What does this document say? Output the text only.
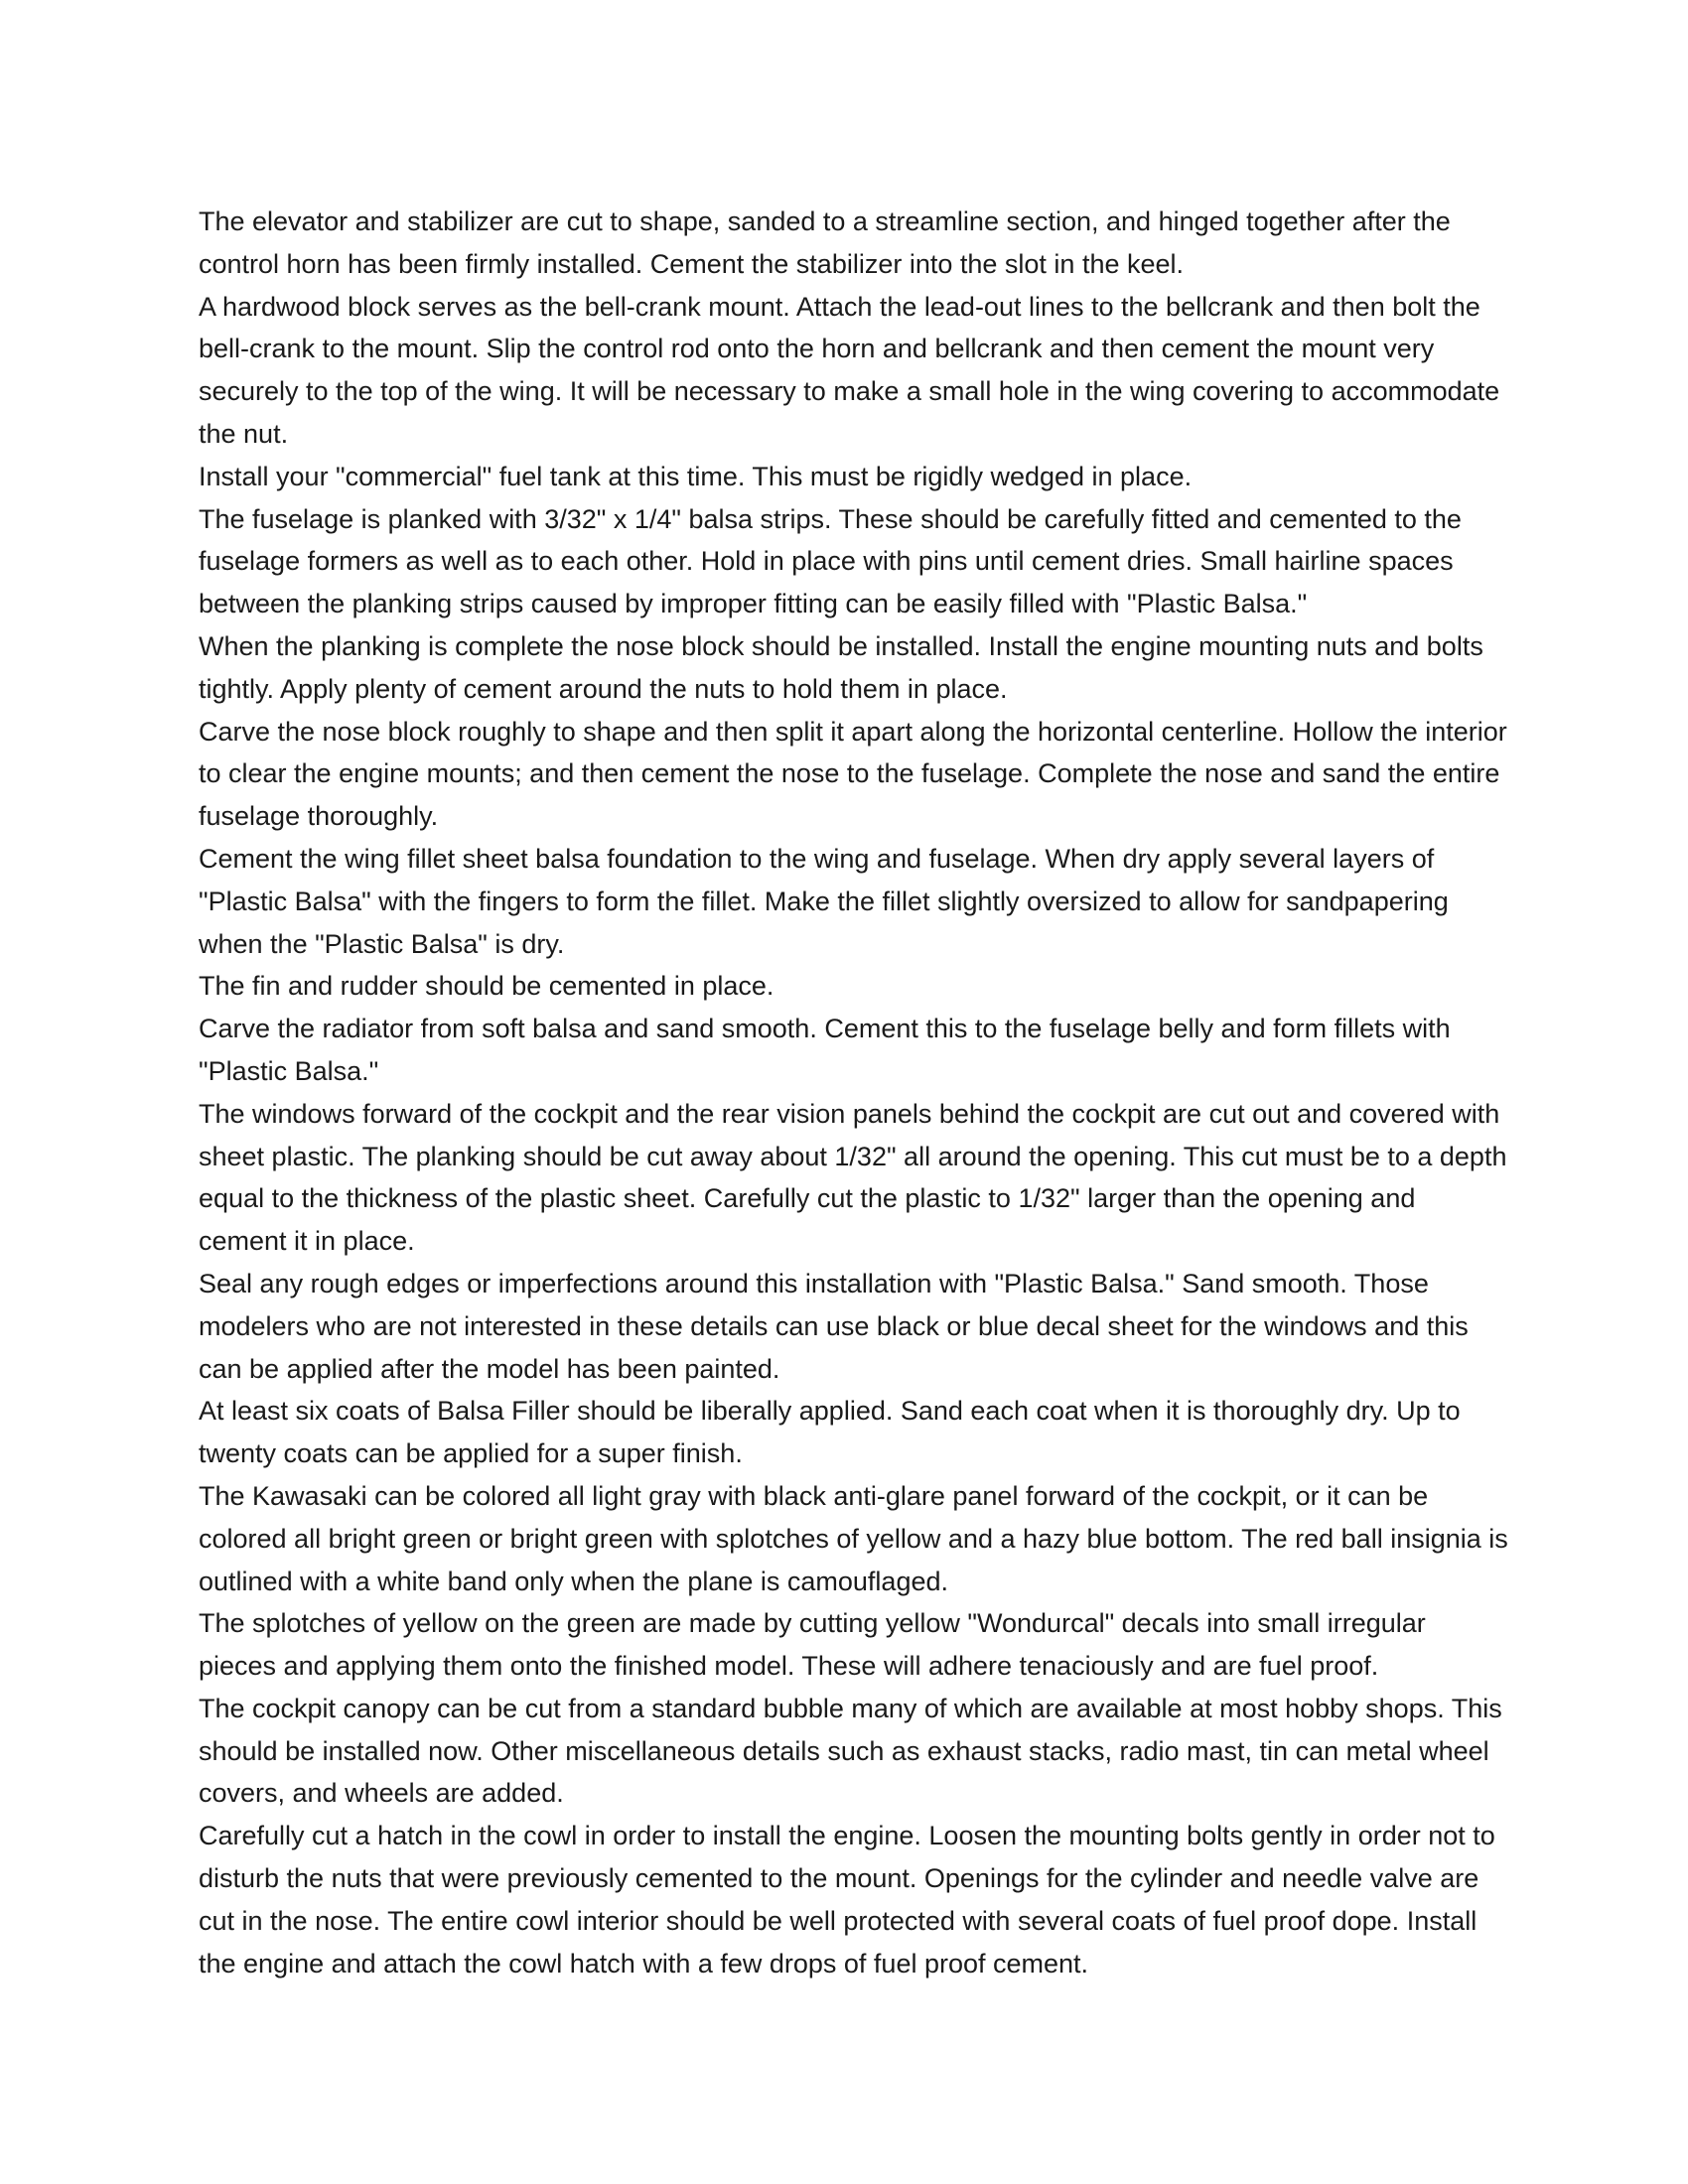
The elevator and stabilizer are cut to shape, sanded to a streamline section, and hinged together after the control horn has been firmly installed. Cement the stabilizer into the slot in the keel.

A hardwood block serves as the bell-crank mount. Attach the lead-out lines to the bellcrank and then bolt the bell-crank to the mount. Slip the control rod onto the horn and bellcrank and then cement the mount very securely to the top of the wing. It will be necessary to make a small hole in the wing covering to accommodate the nut.

Install your "commercial" fuel tank at this time. This must be rigidly wedged in place.

The fuselage is planked with 3/32" x 1/4" balsa strips. These should be carefully fitted and cemented to the fuselage formers as well as to each other. Hold in place with pins until cement dries. Small hairline spaces between the planking strips caused by improper fitting can be easily filled with "Plastic Balsa."

When the planking is complete the nose block should be installed. Install the engine mounting nuts and bolts tightly. Apply plenty of cement around the nuts to hold them in place.

Carve the nose block roughly to shape and then split it apart along the horizontal centerline. Hollow the interior to clear the engine mounts; and then cement the nose to the fuselage. Complete the nose and sand the entire fuselage thoroughly.

Cement the wing fillet sheet balsa foundation to the wing and fuselage. When dry apply several layers of "Plastic Balsa" with the fingers to form the fillet. Make the fillet slightly oversized to allow for sandpapering when the "Plastic Balsa" is dry.

The fin and rudder should be cemented in place.

Carve the radiator from soft balsa and sand smooth. Cement this to the fuselage belly and form fillets with "Plastic Balsa."

The windows forward of the cockpit and the rear vision panels behind the cockpit are cut out and covered with sheet plastic. The planking should be cut away about 1/32" all around the opening. This cut must be to a depth equal to the thickness of the plastic sheet. Carefully cut the plastic to 1/32" larger than the opening and cement it in place.

Seal any rough edges or imperfections around this installation with "Plastic Balsa." Sand smooth. Those modelers who are not interested in these details can use black or blue decal sheet for the windows and this can be applied after the model has been painted.

At least six coats of Balsa Filler should be liberally applied. Sand each coat when it is thoroughly dry. Up to twenty coats can be applied for a super finish.

The Kawasaki can be colored all light gray with black anti-glare panel forward of the cockpit, or it can be colored all bright green or bright green with splotches of yellow and a hazy blue bottom. The red ball insignia is outlined with a white band only when the plane is camouflaged.

The splotches of yellow on the green are made by cutting yellow "Wondurcal" decals into small irregular pieces and applying them onto the finished model. These will adhere tenaciously and are fuel proof.

The cockpit canopy can be cut from a standard bubble many of which are available at most hobby shops. This should be installed now. Other miscellaneous details such as exhaust stacks, radio mast, tin can metal wheel covers, and wheels are added.

Carefully cut a hatch in the cowl in order to install the engine. Loosen the mounting bolts gently in order not to disturb the nuts that were previously cemented to the mount. Openings for the cylinder and needle valve are cut in the nose. The entire cowl interior should be well protected with several coats of fuel proof dope. Install the engine and attach the cowl hatch with a few drops of fuel proof cement.
